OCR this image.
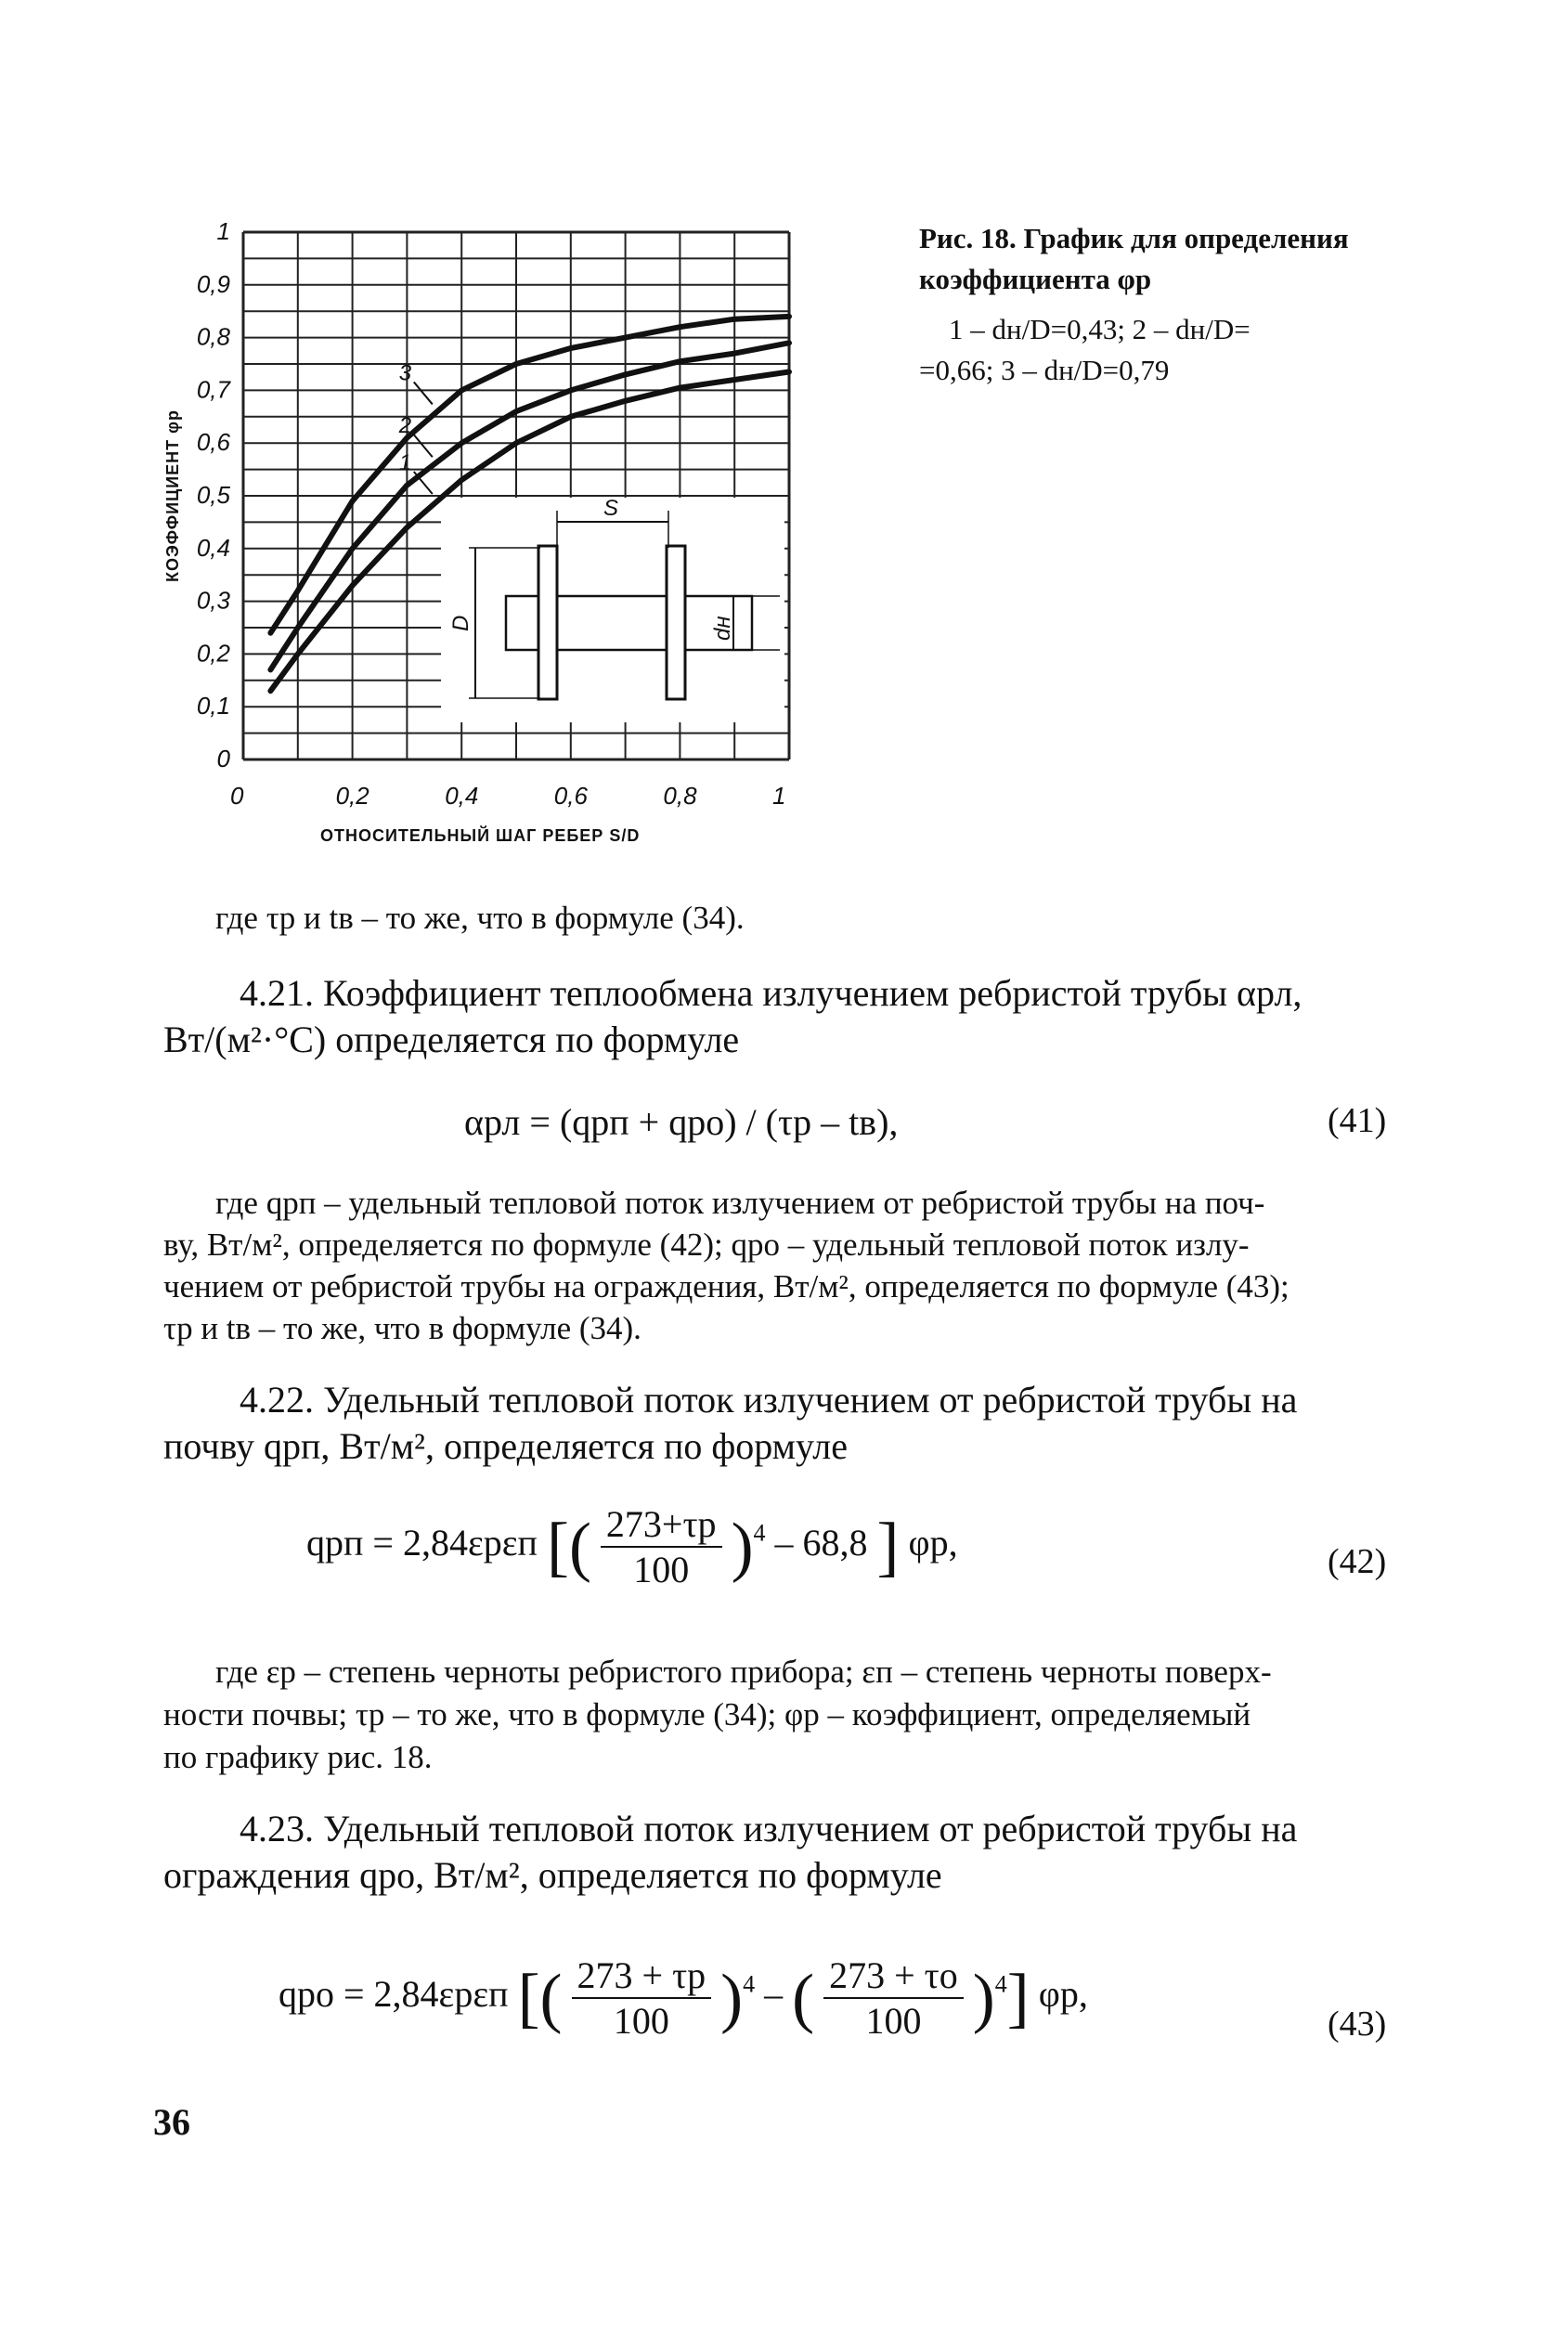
0	0,2	0,4	0,6	0,8	1
0
0,1
0,2
0,3
0,4
0,5
0,6
0,7
0,8
0,9
1
S
D	dн
1
2
3
ОТНОСИТЕЛЬНЫЙ ШАГ РЕБЕР S/D
КОЭФФИЦИЕНТ φр
Рис. 18. График для определения
коэффициента φp
1 – dн/D=0,43; 2 – dн/D=
=0,66; 3 – dн/D=0,79
где τр и tв – то же, что в формуле (34).
4.21. Коэффициент теплообмена излучением ребристой трубы αрл,
Вт/(м²·°С) определяется по формуле
αрл = (qрп + qро) / (τр – tв),	(41)
где qрп – удельный тепловой поток излучением от ребристой трубы на поч-
ву, Вт/м², определяется по формуле (42); qро – удельный тепловой поток излу-
чением от ребристой трубы на ограждения, Вт/м², определяется по формуле (43);
τр и tв – то же, что в формуле (34).
4.22. Удельный тепловой поток излучением от ребристой трубы на
почву qрп, Вт/м², определяется по формуле
qрп = 2,84εрεп [( $\frac{273+\tau р}{100} )^4 - 68,8$ ] φр,	(42)
где εр – степень черноты ребристого прибора; εп – степень черноты поверх-
ности почвы; τр – то же, что в формуле (34); φр – коэффициент, определяемый
по графику рис. 18.
4.23. Удельный тепловой поток излучением от ребристой трубы на
ограждения qро, Вт/м², определяется по формуле
qро = 2,84εрεп [( $\frac{273 + \tau р}{100} )^4$ – ( $\frac{273 + \tau о}{100} )^4$] φр,
(43)
36
